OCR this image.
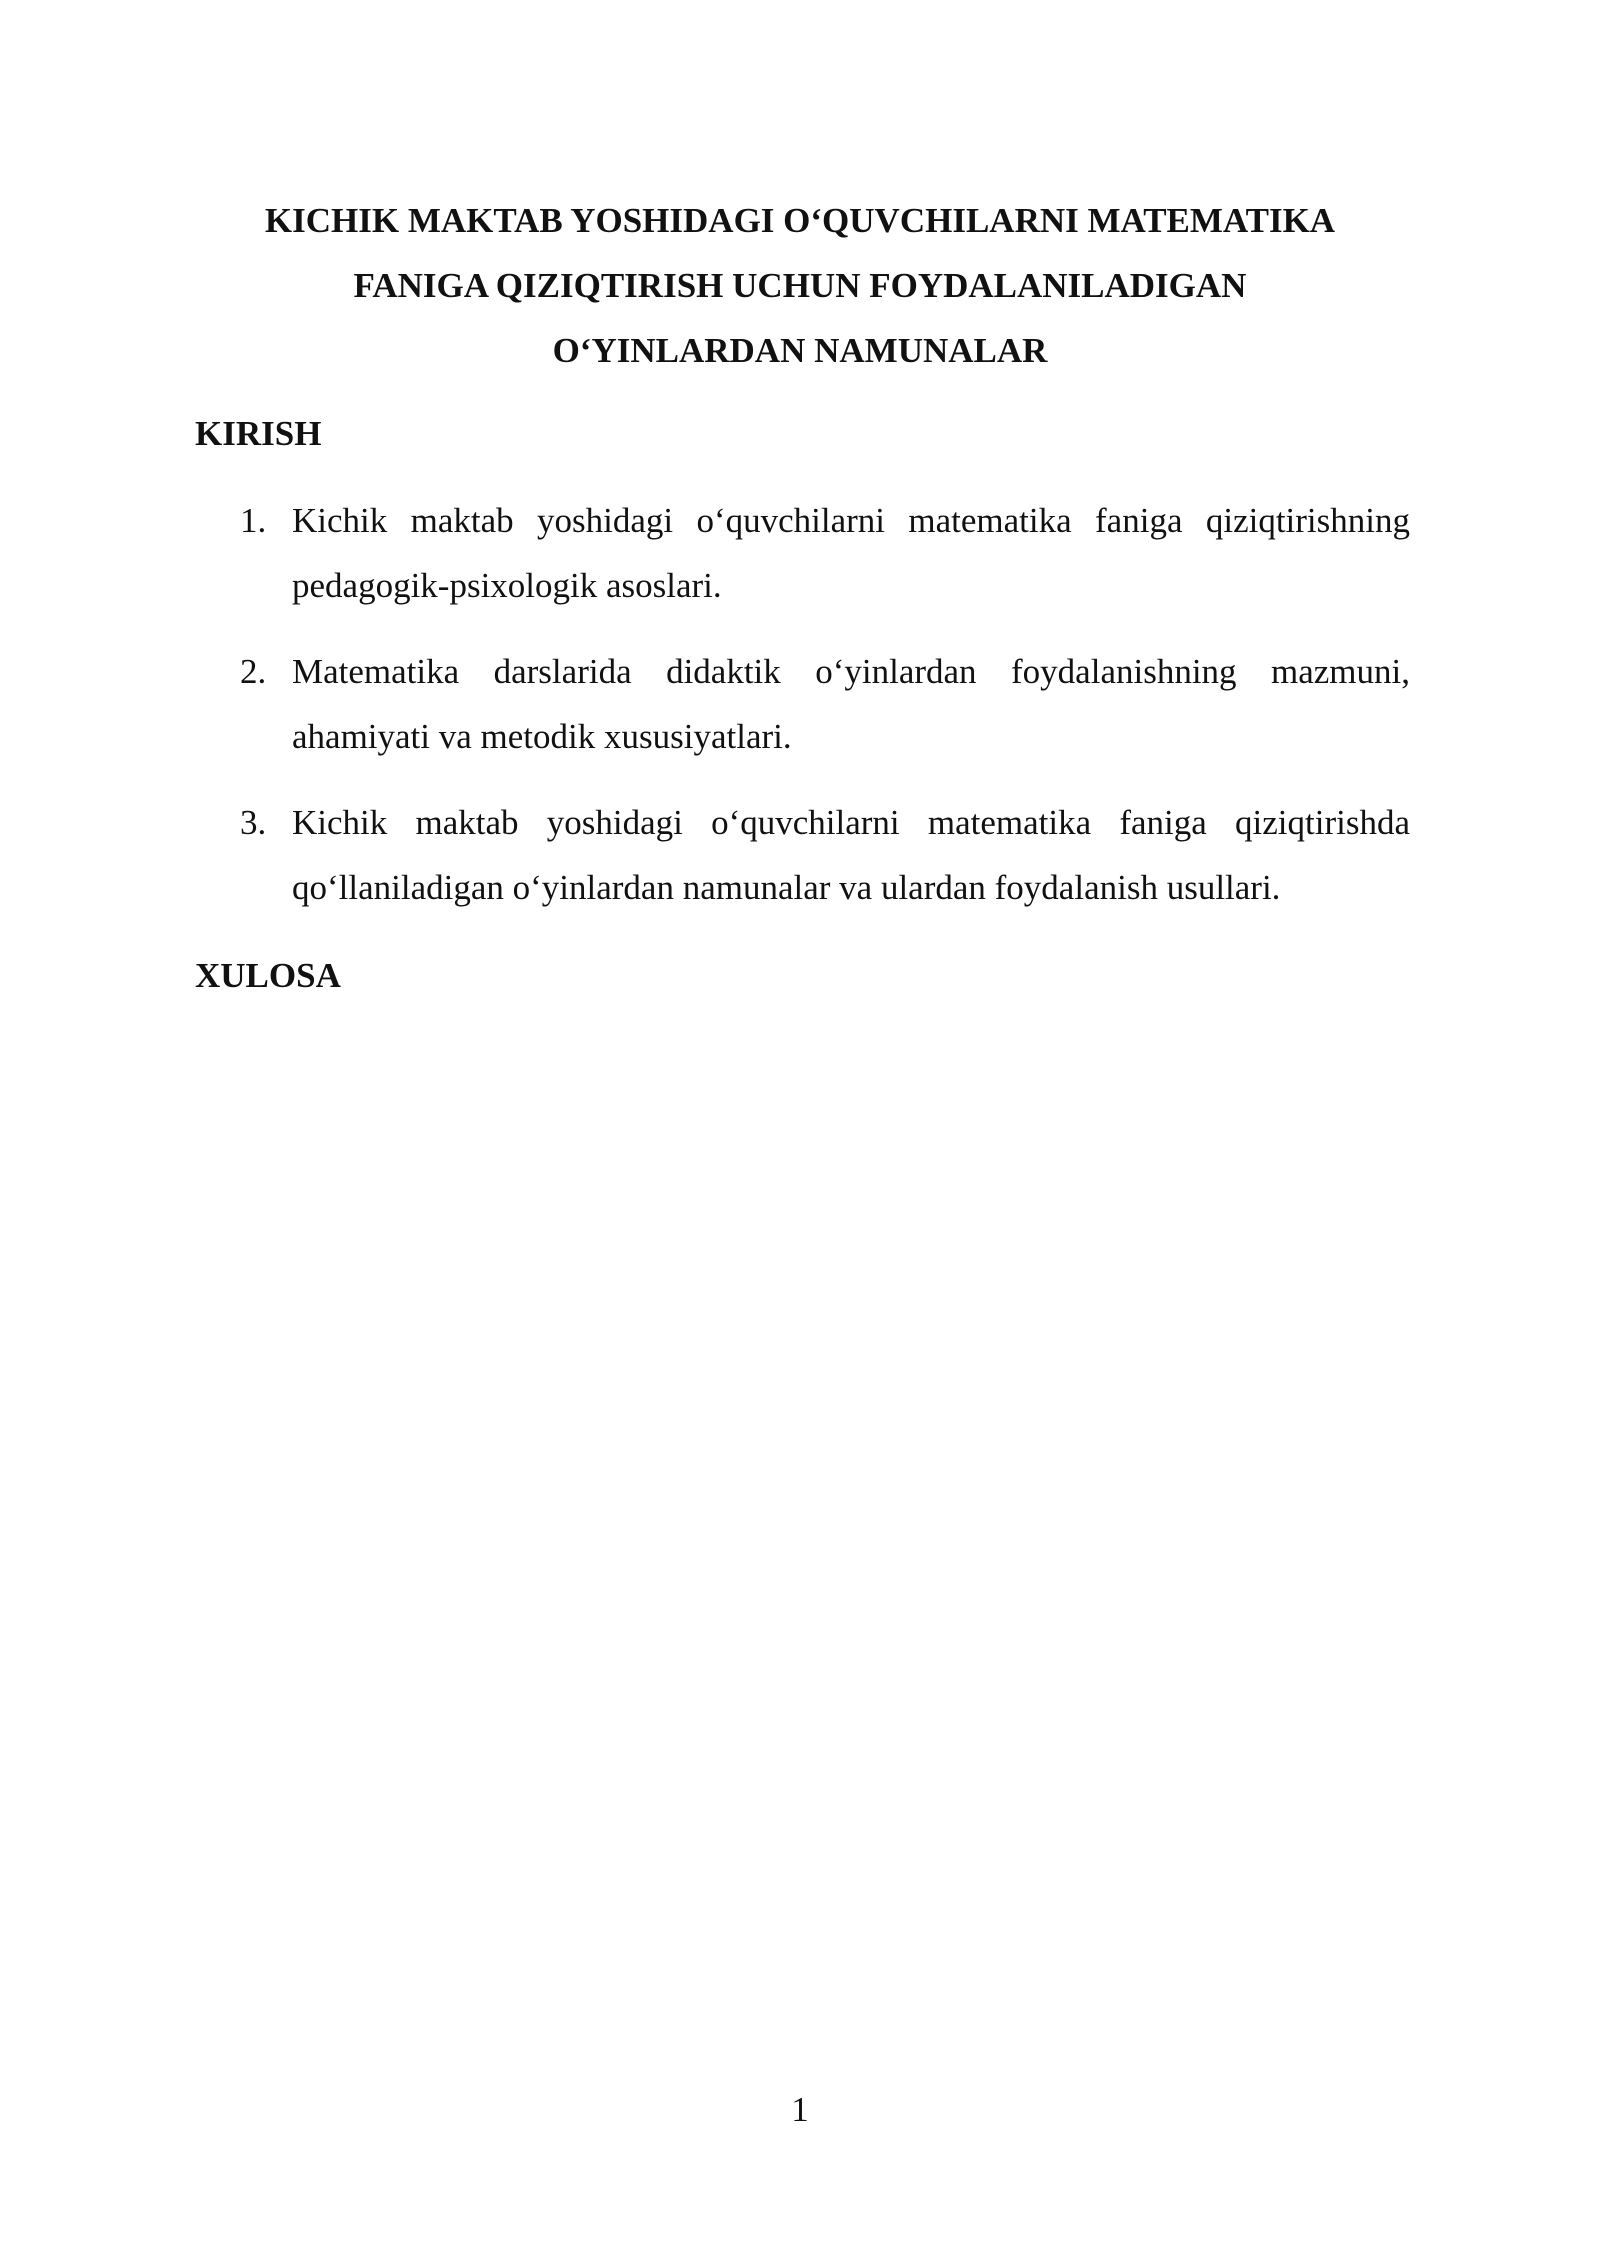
KICHIK MAKTAB YOSHIDAGI O‘QUVCHILARNI MATEMATIKA
FANIGA QIZIQTIRISH UCHUN FOYDALANILADIGAN
O‘YINLARDAN NAMUNALAR
KIRISH
1. Kichik maktab yoshidagi o‘quvchilarni matematika faniga qiziqtirishning pedagogik-psixologik asoslari.
2. Matematika darslarida didaktik o‘yinlardan foydalanishning mazmuni, ahamiyati va metodik xususiyatlari.
3. Kichik maktab yoshidagi o‘quvchilarni matematika faniga qiziqtirishda qo‘llaniladigan o‘yinlardan namunalar va ulardan foydalanish usullari.
XULOSA
1
